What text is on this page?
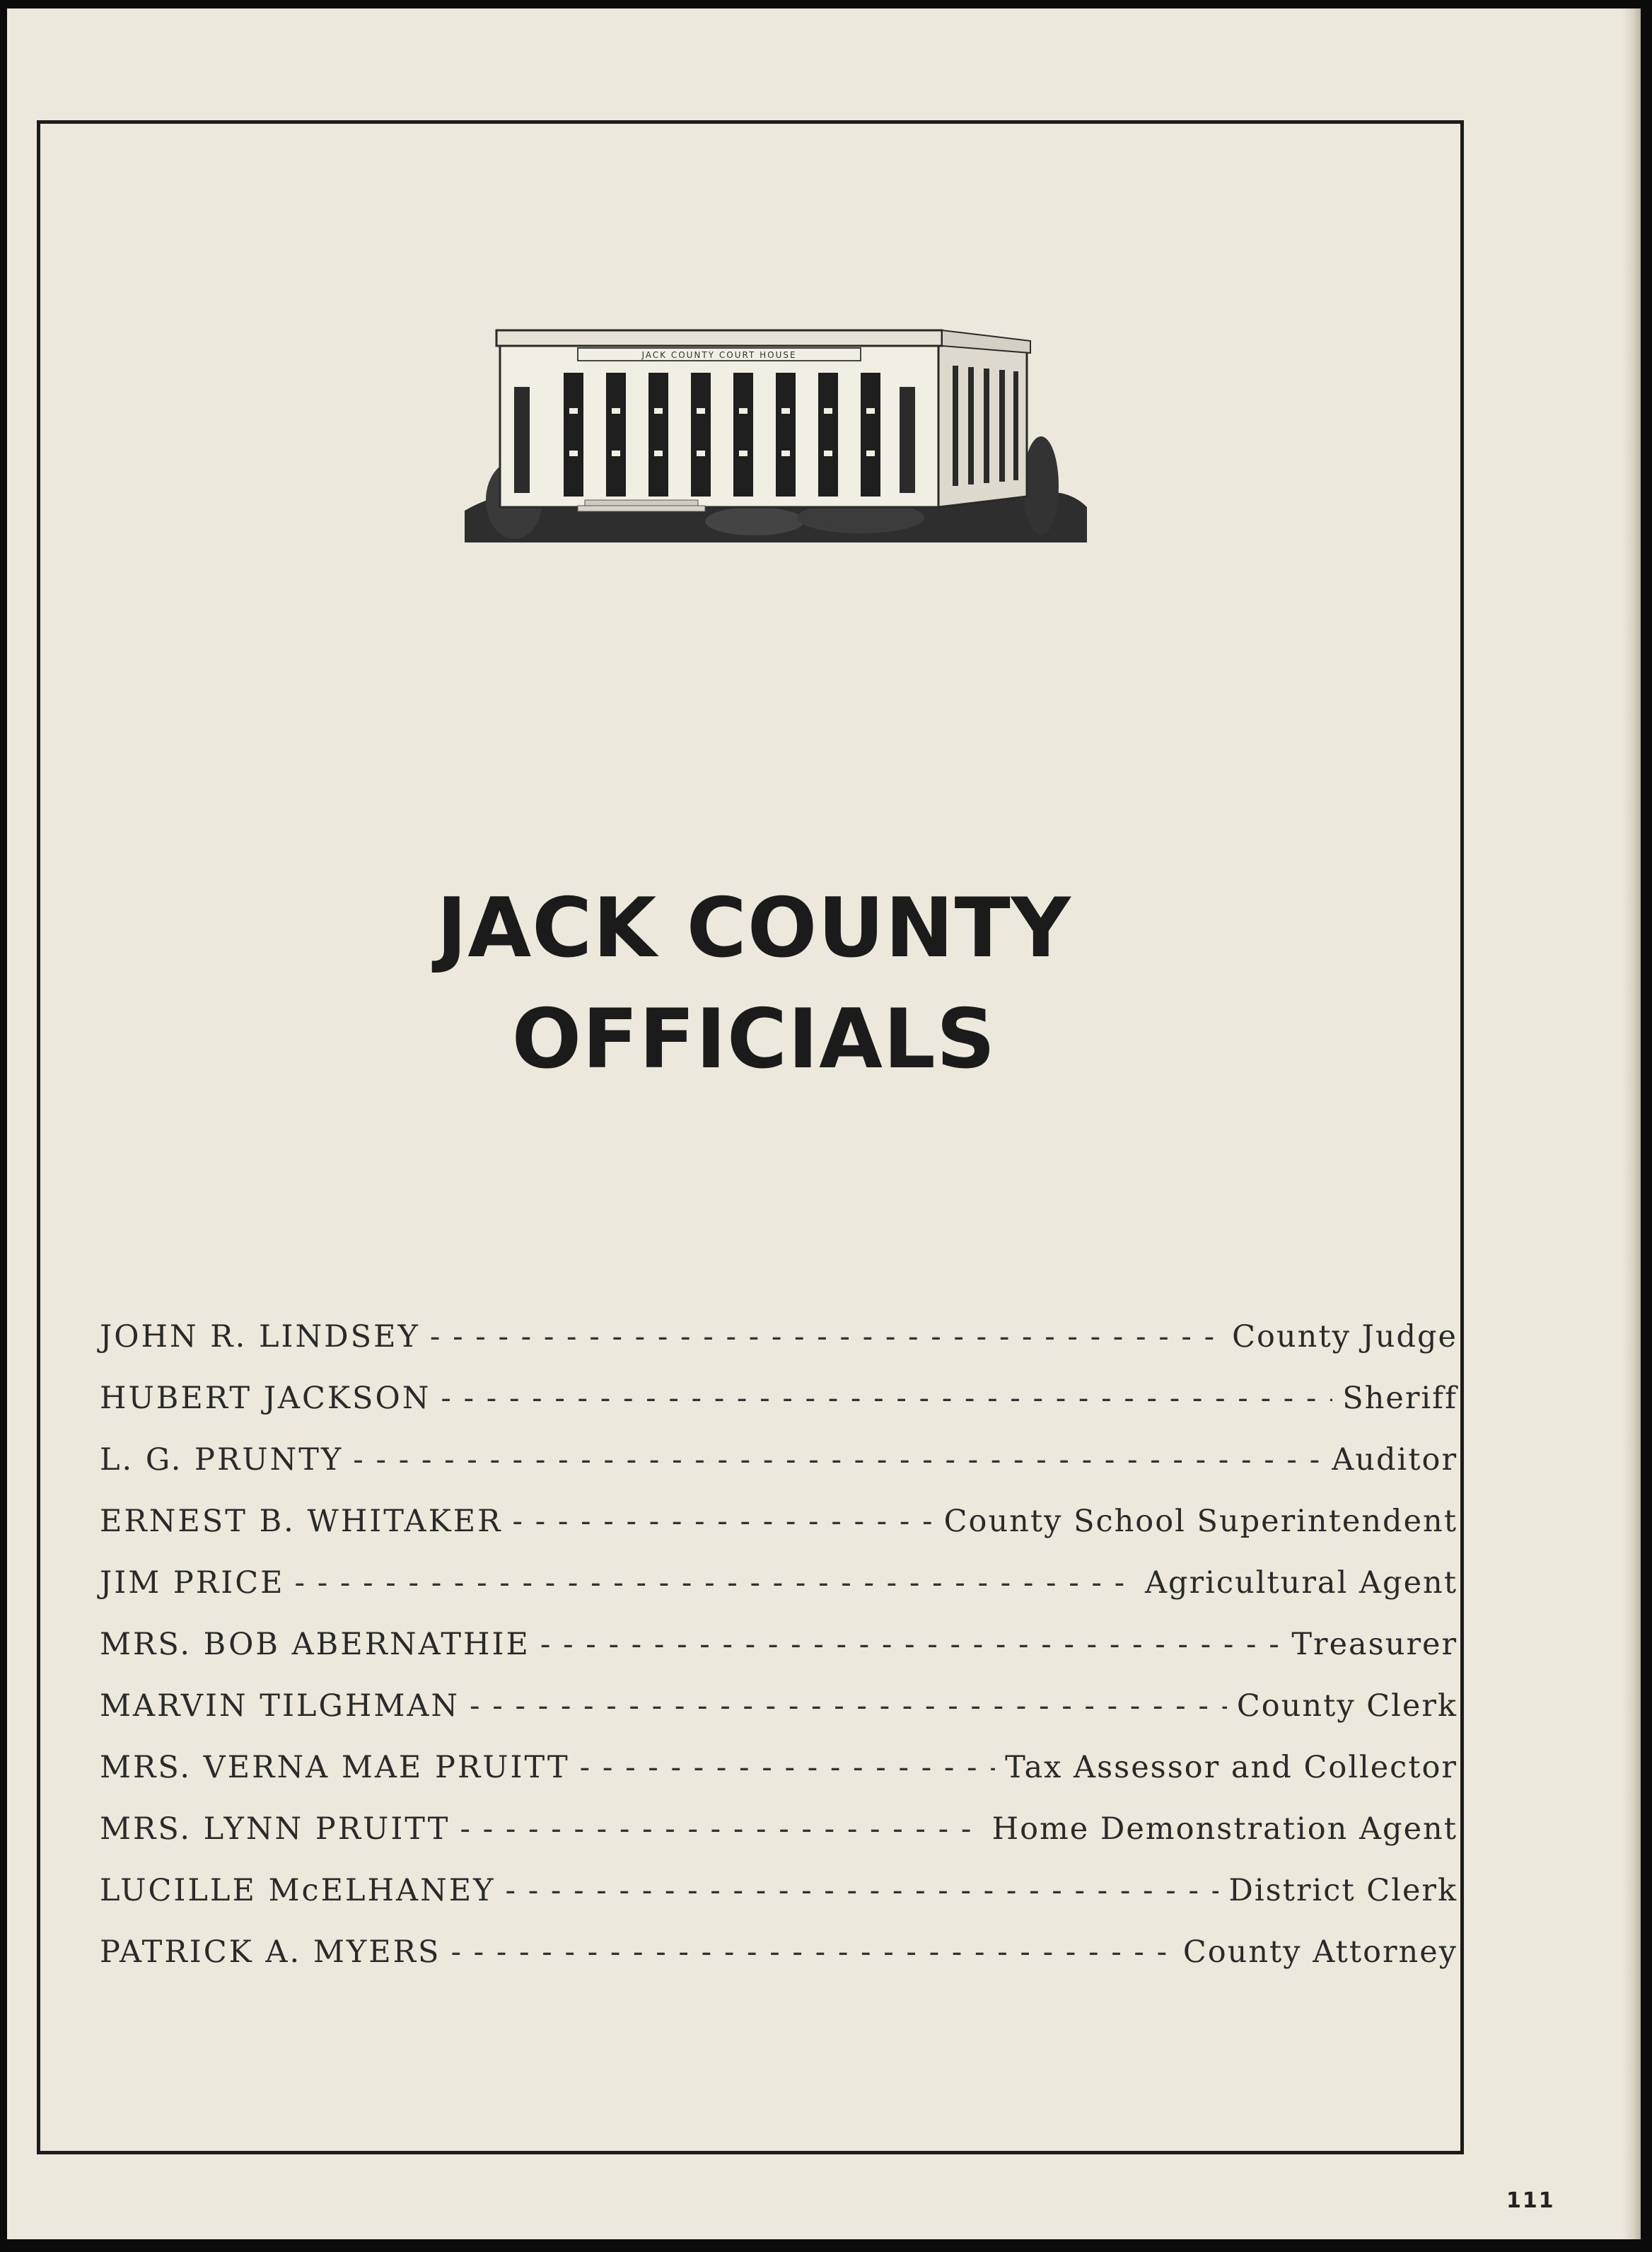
JACK COUNTY COURT HOUSE
JACK COUNTY
OFFICIALS
JOHN R. LINDSEY - - -	County Judge
HUBERT JACKSON - - -	Sheriff
L. G. PRUNTY - - -	Auditor
ERNEST B. WHITAKER - - -	County School Superintendent
JIM PRICE - - -	Agricultural Agent
MRS. BOB ABERNATHIE - - -	Treasurer
MARVIN TILGHMAN - - -	County Clerk
MRS. VERNA MAE PRUITT - - -	Tax Assessor and Collector
MRS. LYNN PRUITT - - -	Home Demonstration Agent
LUCILLE McELHANEY - - -	District Clerk
PATRICK A. MYERS - - -	County Attorney
111
